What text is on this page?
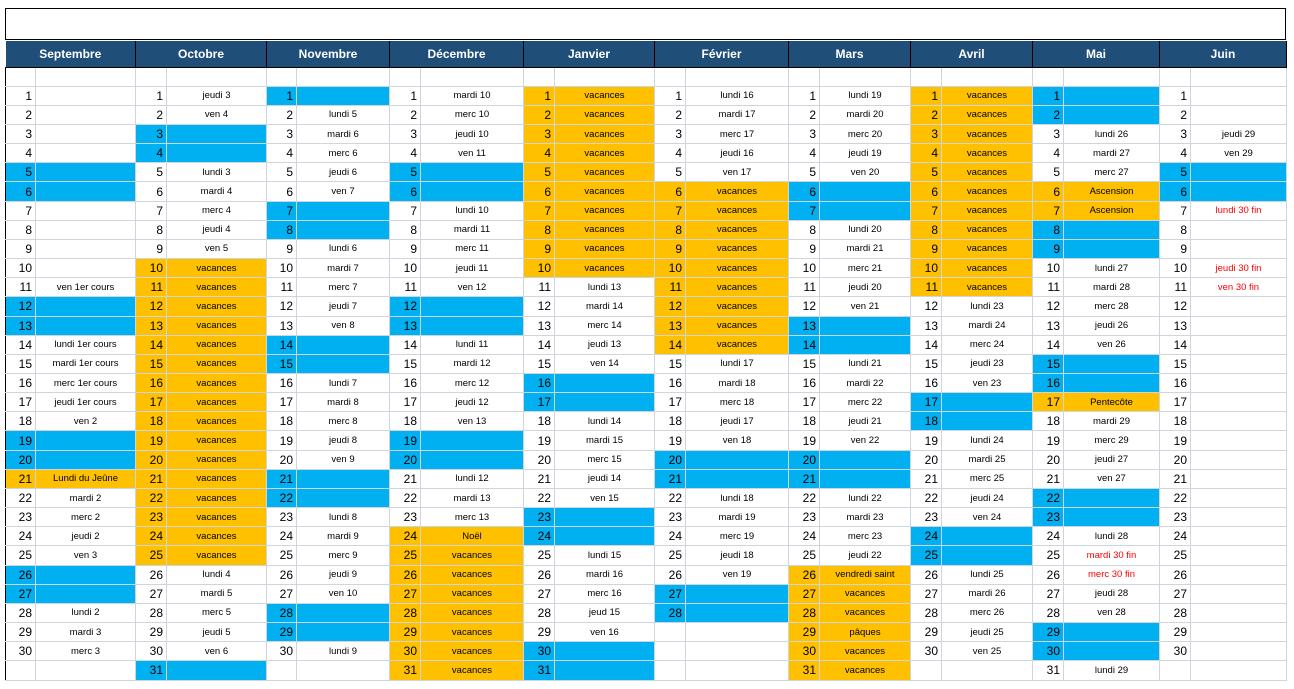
Septembre		Octobre		Novembre		Décembre		Janvier		Février		Mars		Avril		Mai		Juin	

1		1	jeudi 3	1		1	mardi 10	1	vacances	1	lundi 16	1	lundi 19	1	vacances	1		1	
2		2	ven 4	2	lundi 5	2	merc 10	2	vacances	2	mardi 17	2	mardi 20	2	vacances	2		2	
3		3		3	mardi 6	3	jeudi 10	3	vacances	3	merc 17	3	merc 20	3	vacances	3	lundi 26	3	jeudi 29
4		4		4	merc 6	4	ven 11	4	vacances	4	jeudi 16	4	jeudi 19	4	vacances	4	mardi 27	4	ven 29
5		5	lundi 3	5	jeudi 6	5		5	vacances	5	ven 17	5	ven 20	5	vacances	5	merc 27	5	
6		6	mardi 4	6	ven 7	6		6	vacances	6	vacances	6		6	vacances	6	Ascension	6	
7		7	merc 4	7		7	lundi 10	7	vacances	7	vacances	7		7	vacances	7	Ascension	7	lundi 30 fin
8		8	jeudi 4	8		8	mardi 11	8	vacances	8	vacances	8	lundi 20	8	vacances	8		8	
9		9	ven 5	9	lundi 6	9	merc 11	9	vacances	9	vacances	9	mardi 21	9	vacances	9		9	
10		10	vacances	10	mardi 7	10	jeudi 11	10	vacances	10	vacances	10	merc 21	10	vacances	10	lundi 27	10	jeudi 30 fin
11	ven 1er cours	11	vacances	11	merc 7	11	ven 12	11	lundi 13	11	vacances	11	jeudi 20	11	vacances	11	mardi 28	11	ven 30 fin
12		12	vacances	12	jeudi 7	12		12	mardi 14	12	vacances	12	ven 21	12	lundi 23	12	merc 28	12	
13		13	vacances	13	ven 8	13		13	merc 14	13	vacances	13		13	mardi 24	13	jeudi 26	13	
14	lundi 1er cours	14	vacances	14		14	lundi 11	14	jeudi 13	14	vacances	14		14	merc 24	14	ven 26	14	
15	mardi 1er cours	15	vacances	15		15	mardi 12	15	ven 14	15	lundi 17	15	lundi 21	15	jeudi 23	15		15	
16	merc 1er cours	16	vacances	16	lundi 7	16	merc 12	16		16	mardi 18	16	mardi 22	16	ven 23	16		16	
17	jeudi 1er cours	17	vacances	17	mardi 8	17	jeudi 12	17		17	merc 18	17	merc 22	17		17	Pentecôte	17	
18	ven 2	18	vacances	18	merc 8	18	ven 13	18	lundi 14	18	jeudi 17	18	jeudi 21	18		18	mardi 29	18	
19		19	vacances	19	jeudi 8	19		19	mardi 15	19	ven 18	19	ven 22	19	lundi 24	19	merc 29	19	
20		20	vacances	20	ven 9	20		20	merc 15	20		20		20	mardi 25	20	jeudi 27	20	
21	Lundi du Jeûne	21	vacances	21		21	lundi 12	21	jeudi 14	21		21		21	merc 25	21	ven 27	21	
22	mardi 2	22	vacances	22		22	mardi 13	22	ven 15	22	lundi 18	22	lundi 22	22	jeudi 24	22		22	
23	merc 2	23	vacances	23	lundi 8	23	merc 13	23		23	mardi 19	23	mardi 23	23	ven 24	23		23	
24	jeudi 2	24	vacances	24	mardi 9	24	Noël	24		24	merc 19	24	merc 23	24		24	lundi 28	24	
25	ven 3	25	vacances	25	merc 9	25	vacances	25	lundi 15	25	jeudi 18	25	jeudi 22	25		25	mardi 30 fin	25	
26		26	lundi 4	26	jeudi 9	26	vacances	26	mardi 16	26	ven 19	26	vendredi saint	26	lundi 25	26	merc 30 fin	26	
27		27	mardi 5	27	ven 10	27	vacances	27	merc 16	27		27	vacances	27	mardi 26	27	jeudi 28	27	
28	lundi 2	28	merc 5	28		28	vacances	28	jeud 15	28		28	vacances	28	merc 26	28	ven 28	28	
29	mardi 3	29	jeudi 5	29		29	vacances	29	ven 16			29	pâques	29	jeudi 25	29		29	
30	merc 3	30	ven 6	30	lundi 9	30	vacances	30				30	vacances	30	ven 25	30		30	
		31				31	vacances	31				31	vacances			31	lundi 29		
